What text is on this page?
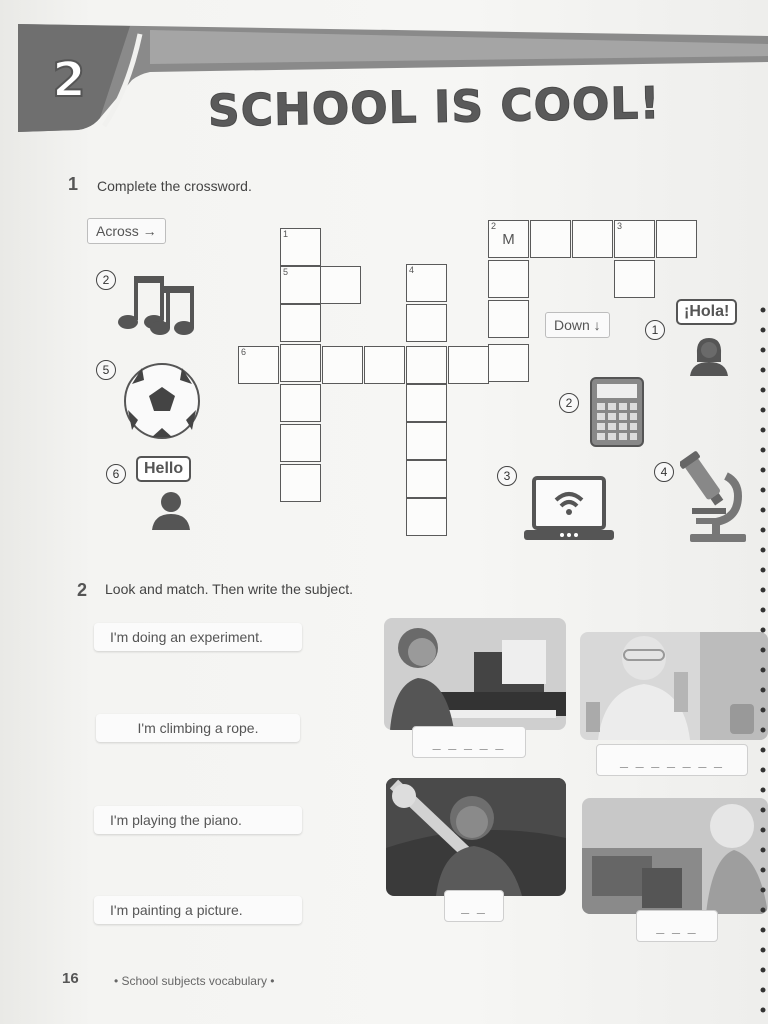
2	SCHOOL IS COOL!
1 Complete the crossword.
Across →
Down ↓
1
5
6
4
2
M
3
2
5
6	Hello
1
¡Hola!
2
3	4
2 Look and match. Then write the subject.
I'm doing an experiment.
I'm climbing a rope.
I'm playing the piano.
I'm painting a picture.
_ _ _ _ _
_ _ _ _ _ _ _
_ _
_ _ _
16	• School subjects vocabulary •
